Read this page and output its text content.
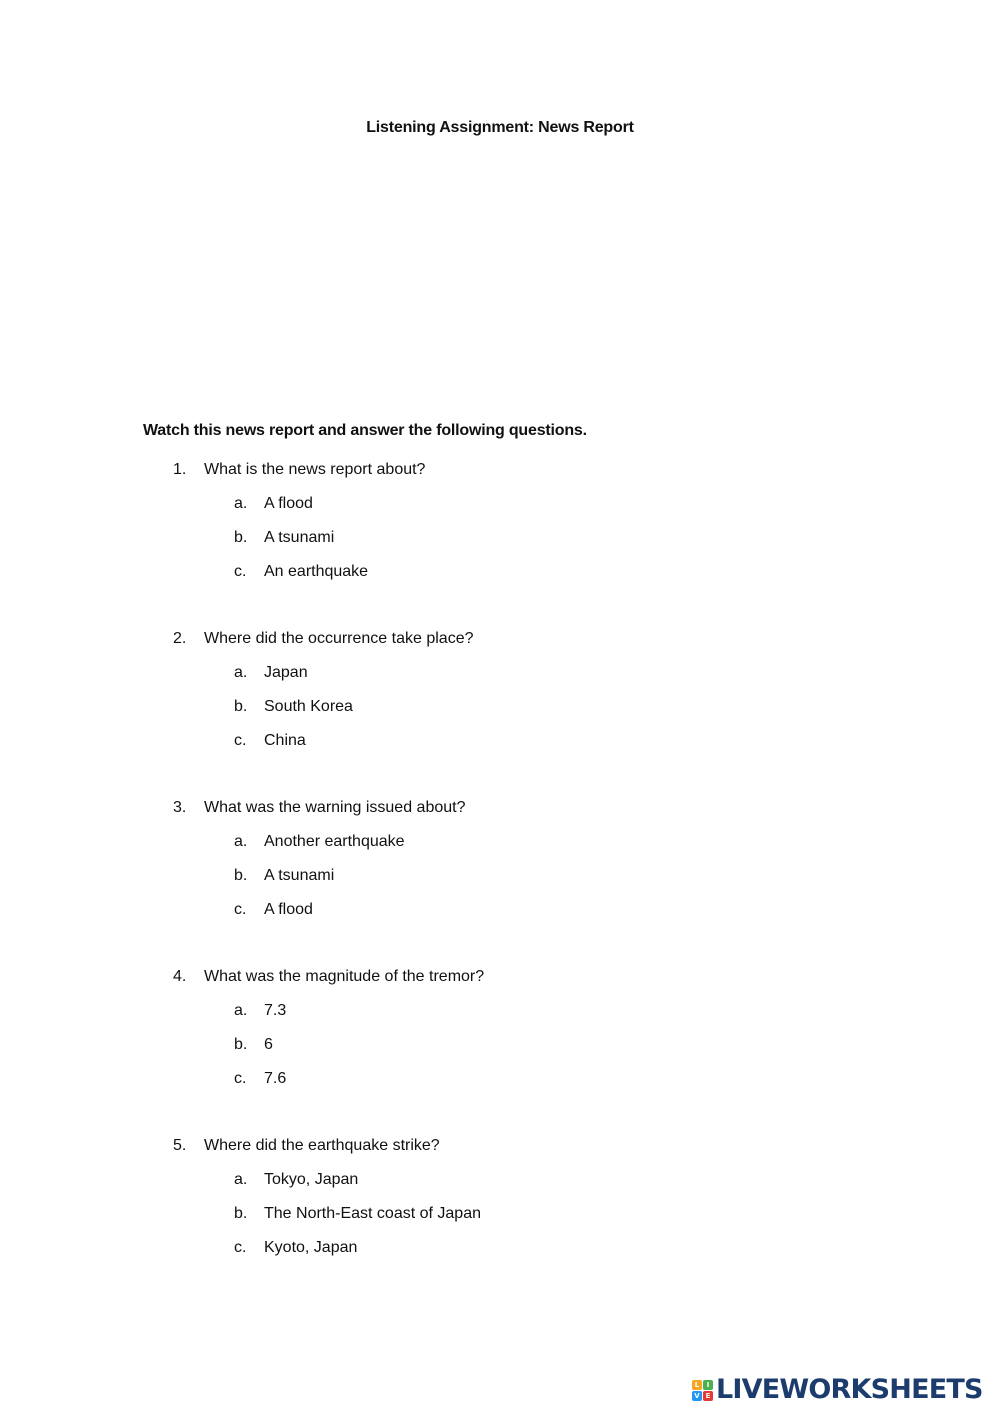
Listening Assignment: News Report
Watch this news report and answer the following questions.
1. What is the news report about?
a. A flood
b. A tsunami
c. An earthquake
2. Where did the occurrence take place?
a. Japan
b. South Korea
c. China
3. What was the warning issued about?
a. Another earthquake
b. A tsunami
c. A flood
4. What was the magnitude of the tremor?
a. 7.3
b. 6
c. 7.6
5. Where did the earthquake strike?
a. Tokyo, Japan
b. The North-East coast of Japan
c. Kyoto, Japan
L	I
V E LIVEWORKSHEETS
